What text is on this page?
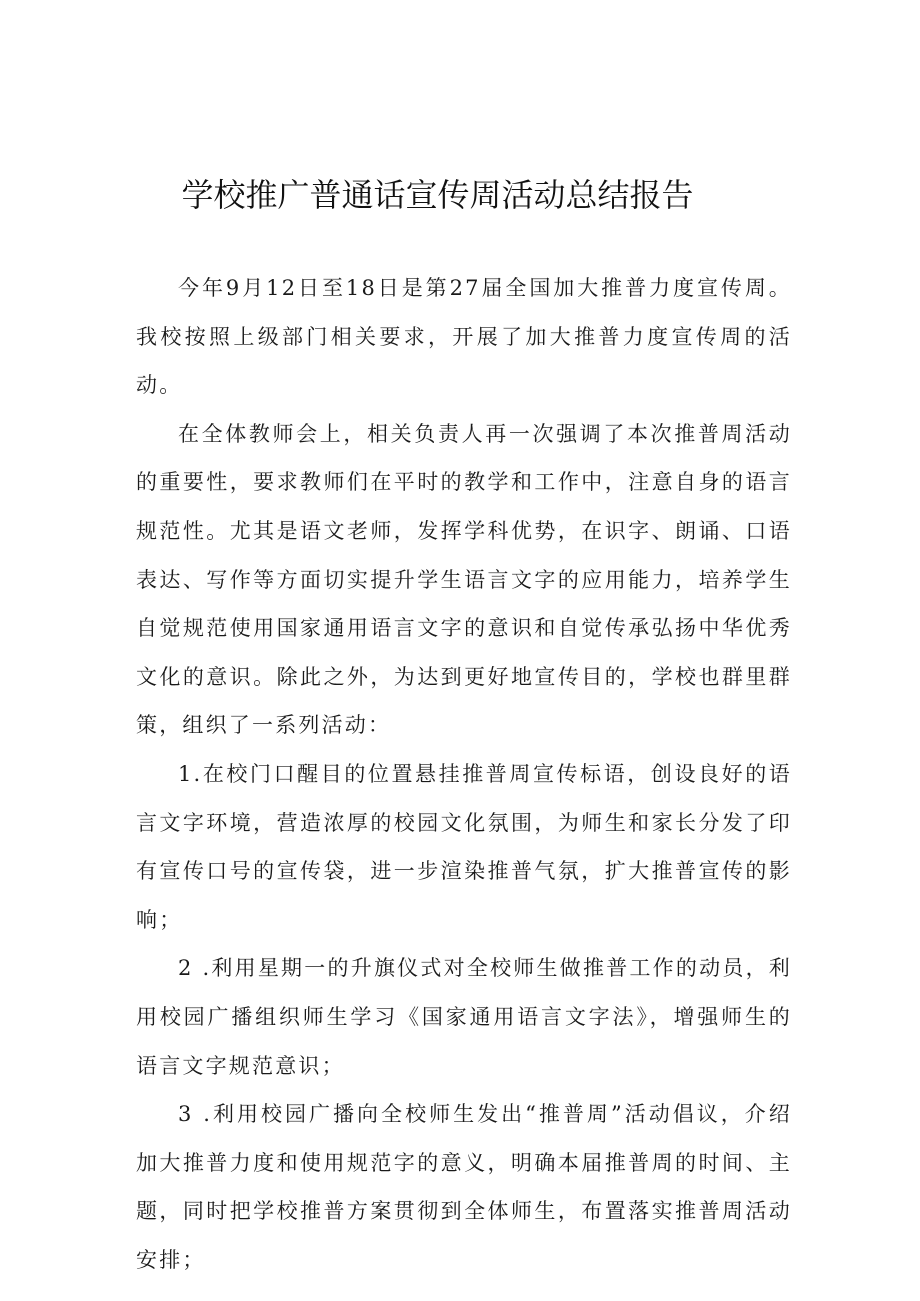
学校推广普通话宣传周活动总结报告

今年9月12日至18日是第27届全国加大推普力度宣传周。我校按照上级部门相关要求，开展了加大推普力度宣传周的活动。

在全体教师会上，相关负责人再一次强调了本次推普周活动的重要性，要求教师们在平时的教学和工作中，注意自身的语言规范性。尤其是语文老师，发挥学科优势，在识字、朗诵、口语表达、写作等方面切实提升学生语言文字的应用能力，培养学生自觉规范使用国家通用语言文字的意识和自觉传承弘扬中华优秀文化的意识。除此之外，为达到更好地宣传目的，学校也群里群策，组织了一系列活动：

1.在校门口醒目的位置悬挂推普周宣传标语，创设良好的语言文字环境，营造浓厚的校园文化氛围，为师生和家长分发了印有宣传口号的宣传袋，进一步渲染推普气氛，扩大推普宣传的影响；

2 .利用星期一的升旗仪式对全校师生做推普工作的动员，利用校园广播组织师生学习《国家通用语言文字法》，增强师生的语言文字规范意识；

3 .利用校园广播向全校师生发出“推普周”活动倡议，介绍加大推普力度和使用规范字的意义，明确本届推普周的时间、主题，同时把学校推普方案贯彻到全体师生，布置落实推普周活动安排；
